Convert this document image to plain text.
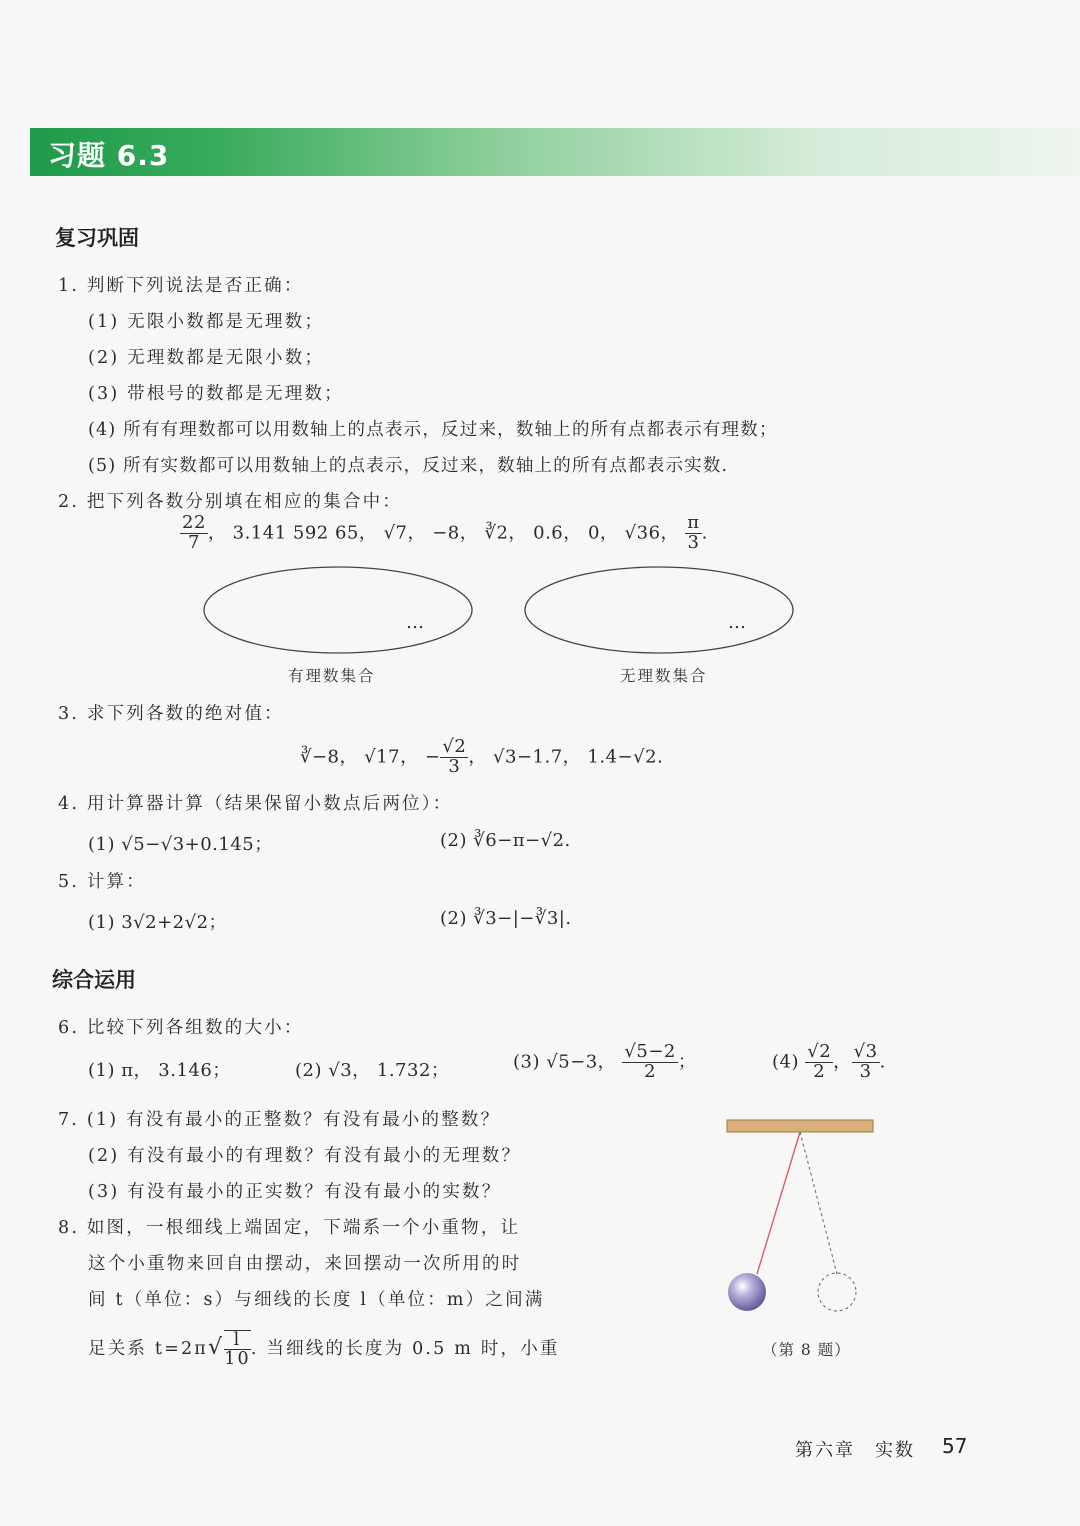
习题 6.3
复习巩固
1. 判断下列说法是否正确：
(1) 无限小数都是无理数；
(2) 无理数都是无限小数；
(3) 带根号的数都是无理数；
(4) 所有有理数都可以用数轴上的点表示，反过来，数轴上的所有点都表示有理数；
(5) 所有实数都可以用数轴上的点表示，反过来，数轴上的所有点都表示实数.
2. 把下列各数分别填在相应的集合中：
$\frac{22}{7}$ ， 3.141 592 65， √7， −8， ∛2， 0.6， 0， √36， $\frac{\pi}{3}$ .
…	…
有理数集合	无理数集合
3. 求下列各数的绝对值：
∛−8， √17， − $\frac{√2}{3}$ ， √3−1.7， 1.4−√2.
4. 用计算器计算（结果保留小数点后两位）：
(1) √5−√3+0.145；	(2) ∛6−π−√2.
5. 计算：
(1) 3√2+2√2；	(2) ∛3−|−∛3|.
综合运用
6. 比较下列各组数的大小：
(1) π， 3.146；	(2) √3， 1.732；	(3) √5−3， $\frac{√5-2}{2}$ ；	$(4) \frac{√2}{2}$ ， $\frac{√3}{3}$ .
7. (1) 有没有最小的正整数？有没有最小的整数？
(2) 有没有最小的有理数？有没有最小的无理数？
(3) 有没有最小的正实数？有没有最小的实数？
8. 如图，一根细线上端固定，下端系一个小重物，让
这个小重物来回自由摆动，来回摆动一次所用的时
间 t（单位：s）与细线的长度 l（单位：m）之间满
足关系 $t=2\pi√ \frac{l}{10}$ . 当细线的长度为 0.5 m 时，小重	（第 8 题）
第六章　实数 57
